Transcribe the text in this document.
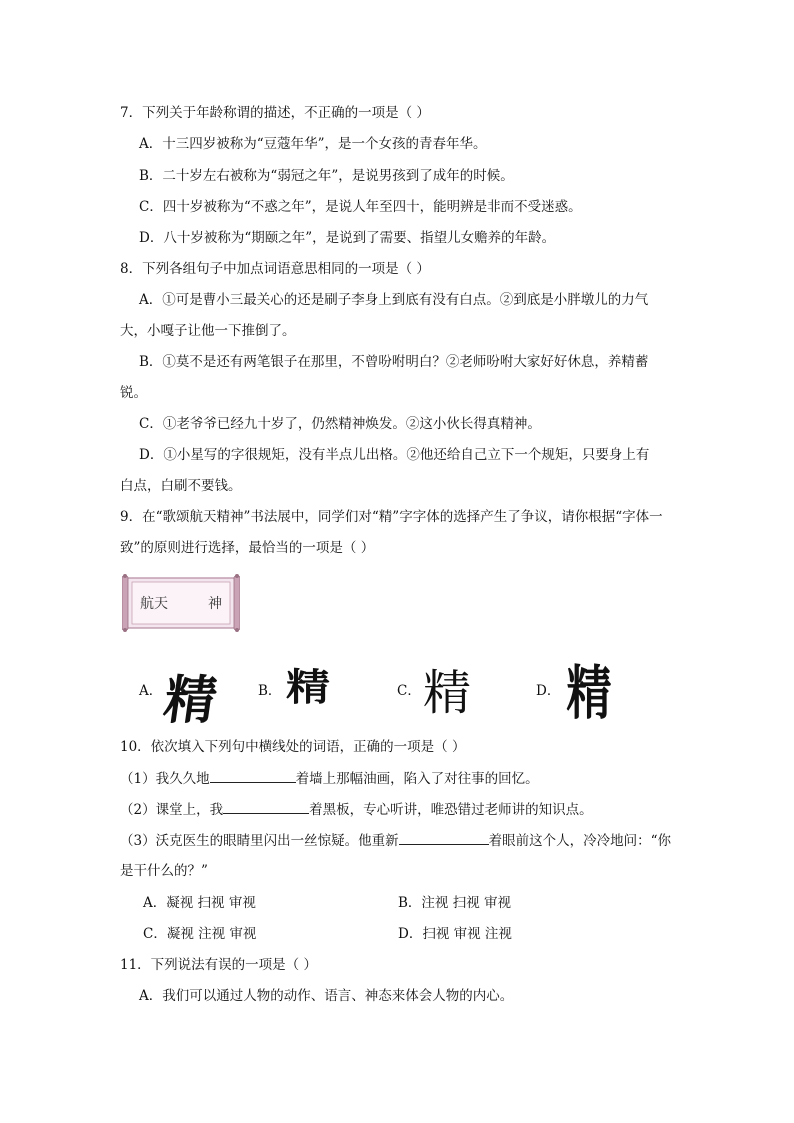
7．下列关于年龄称谓的描述，不正确的一项是（ ）
A．十三四岁被称为“豆蔻年华”，是一个女孩的青春年华。
B．二十岁左右被称为“弱冠之年”，是说男孩到了成年的时候。
C．四十岁被称为“不惑之年”，是说人年至四十，能明辨是非而不受迷惑。
D．八十岁被称为“期颐之年”，是说到了需要、指望儿女赡养的年龄。
8．下列各组句子中加点词语意思相同的一项是（ ）
A．①可是曹小三最关心的还是刷子李身上到底有没有白点。②到底是小胖墩儿的力气
大，小嘎子让他一下推倒了。
B．①莫不是还有两笔银子在那里，不曾吩咐明白？②老师吩咐大家好好休息，养精蓄
锐。
C．①老爷爷已经九十岁了，仍然精神焕发。②这小伙长得真精神。
D．①小星写的字很规矩，没有半点儿出格。②他还给自己立下一个规矩，只要身上有
白点，白刷不要钱。
9．在“歌颂航天精神”书法展中，同学们对“精”字字体的选择产生了争议，请你根据“字体一
致”的原则进行选择，最恰当的一项是（ ）
航天	神
A．
精	B． 精	C． 精	D． 精
10．依次填入下列句中横线处的词语，正确的一项是（ ）
（1）我久久地	着墙上那幅油画，陷入了对往事的回忆。
（2）课堂上，我	着黑板，专心听讲，唯恐错过老师讲的知识点。
（3）沃克医生的眼睛里闪出一丝惊疑。他重新	着眼前这个人，冷冷地问：“你
是干什么的？”
A．凝视 扫视 审视	B．注视 扫视 审视
C．凝视 注视 审视	D．扫视 审视 注视
11．下列说法有误的一项是（ ）
A．我们可以通过人物的动作、语言、神态来体会人物的内心。
